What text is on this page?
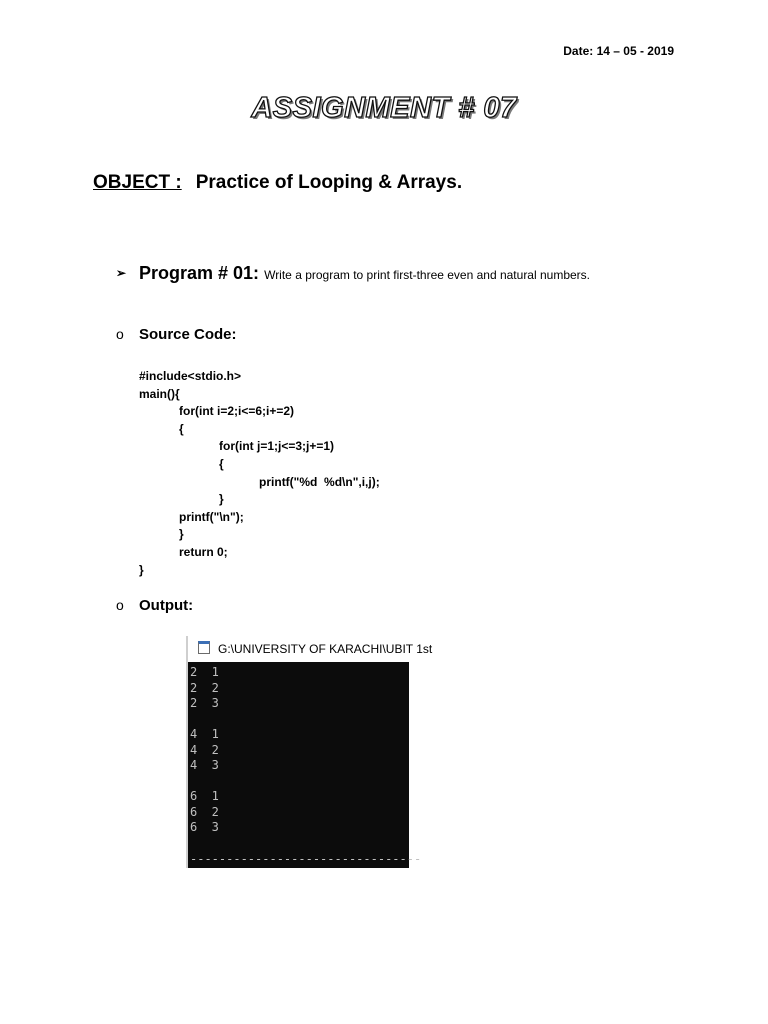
Date: 14 – 05 - 2019
ASSIGNMENT # 07
OBJECT : Practice of Looping & Arrays.
➢ Program # 01: Write a program to print first-three even and natural numbers.
o Source Code:
#include<stdio.h>
main(){
for(int i=2;i<=6;i+=2)
{
for(int j=1;j<=3;j+=1)
{
printf("%d  %d\n",i,j);
}
printf("\n");
}
return 0;
}
o Output:
G:\UNIVERSITY OF KARACHI\UBIT 1st
2  1
2  2
2  3
4  1
4  2
4  3
6  1
6  2
6  3
--------------------------------
